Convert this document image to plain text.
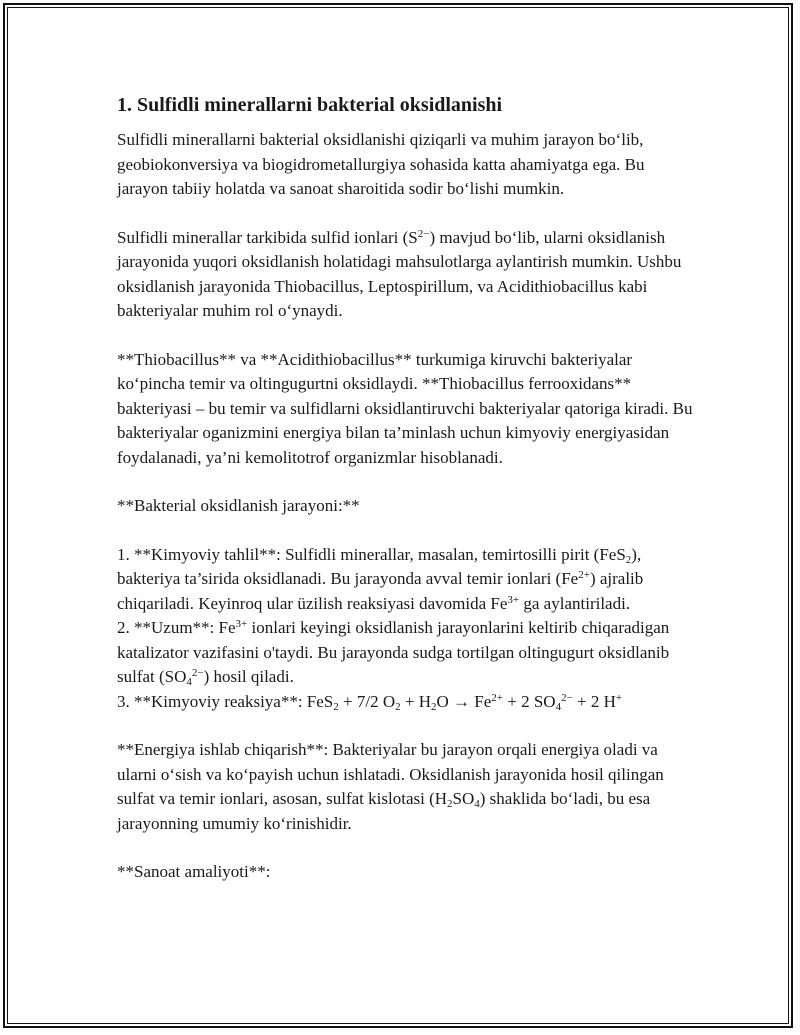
1. Sulfidli minerallarni bakterial oksidlanishi

Sulfidli minerallarni bakterial oksidlanishi qiziqarli va muhim jarayon bo‘lib, geobiokonversiya va biogidrometallurgiya sohasida katta ahamiyatga ega. Bu jarayon tabiiy holatda va sanoat sharoitida sodir bo‘lishi mumkin.

Sulfidli minerallar tarkibida sulfid ionlari $(S^{2-})$ mavjud bo‘lib, ularni oksidlanish jarayonida yuqori oksidlanish holatidagi mahsulotlarga aylantirish mumkin. Ushbu oksidlanish jarayonida Thiobacillus, Leptospirillum, va Acidithiobacillus kabi bakteriyalar muhim rol o‘ynaydi.

**Thiobacillus** va **Acidithiobacillus** turkumiga kiruvchi bakteriyalar ko‘pincha temir va oltingugurtni oksidlaydi. **Thiobacillus ferrooxidans** bakteriyasi – bu temir va sulfidlarni oksidlantiruvchi bakteriyalar qatoriga kiradi. Bu bakteriyalar oganizmini energiya bilan ta’minlash uchun kimyoviy energiyasidan foydalanadi, ya’ni kemolitotrof organizmlar hisoblanadi.

**Bakterial oksidlanish jarayoni:**

1. **Kimyoviy tahlil**: Sulfidli minerallar, masalan, temirtosilli pirit (FeS$_2$), bakteriya ta’sirida oksidlanadi. Bu jarayonda avval temir ionlari $(Fe^{2+})$ ajralib chiqariladi. Keyinroq ular üzilish reaksiyasi davomida $Fe^{3+}$ ga aylantiriladi.

2. **Uzum**: $Fe^{3+}$ ionlari keyingi oksidlanish jarayonlarini keltirib chiqaradigan katalizator vazifasini o'taydi. Bu jarayonda sudga tortilgan oltingugurt oksidlanib sulfat $(SO_4^{2-})$ hosil qiladi.

3. **Kimyoviy reaksiya**: FeS$_2$ + 7/2 $O_2 + H_2O \to Fe^{2+} + 2$ $SO_4^{2-} + 2$ H+

**Energiya ishlab chiqarish**: Bakteriyalar bu jarayon orqali energiya oladi va ularni o‘sish va ko‘payish uchun ishlatadi. Oksidlanish jarayonida hosil qilingan sulfat va temir ionlari, asosan, sulfat kislotasi $(H_2SO_4)$ shaklida bo‘ladi, bu esa jarayonning umumiy ko‘rinishidir.

**Sanoat amaliyoti**:
